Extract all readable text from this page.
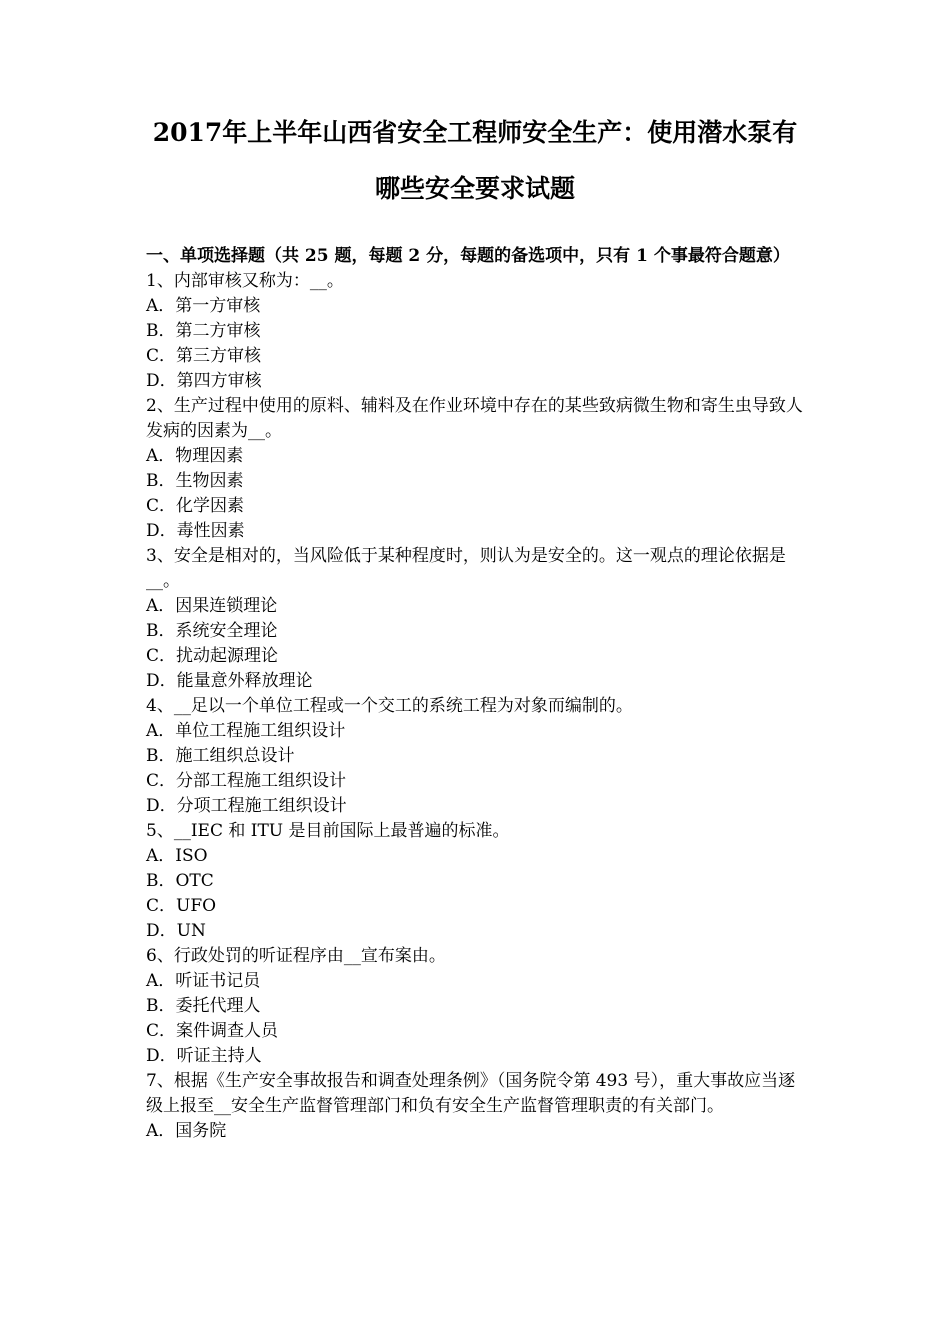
2017年上半年山西省安全工程师安全生产：使用潜水泵有
哪些安全要求试题

一、单项选择题（共 25 题，每题 2 分，每题的备选项中，只有 1 个事最符合题意）

1、内部审核又称为：__。

A．第一方审核

B．第二方审核

C．第三方审核

D．第四方审核

2、生产过程中使用的原料、辅料及在作业环境中存在的某些致病微生物和寄生虫导致人发病的因素为__。

A．物理因素

B．生物因素

C．化学因素

D．毒性因素

3、安全是相对的，当风险低于某种程度时，则认为是安全的。这一观点的理论依据是__。

A．因果连锁理论

B．系统安全理论

C．扰动起源理论

D．能量意外释放理论

4、__足以一个单位工程或一个交工的系统工程为对象而编制的。

A．单位工程施工组织设计

B．施工组织总设计

C．分部工程施工组织设计

D．分项工程施工组织设计

5、__IEC 和 ITU 是目前国际上最普遍的标准。

A．ISO

B．OTC

C．UFO

D．UN

6、行政处罚的听证程序由__宣布案由。

A．听证书记员

B．委托代理人

C．案件调查人员

D．听证主持人

7、根据《生产安全事故报告和调查处理条例》（国务院令第 493 号），重大事故应当逐级上报至__安全生产监督管理部门和负有安全生产监督管理职责的有关部门。

A．国务院
